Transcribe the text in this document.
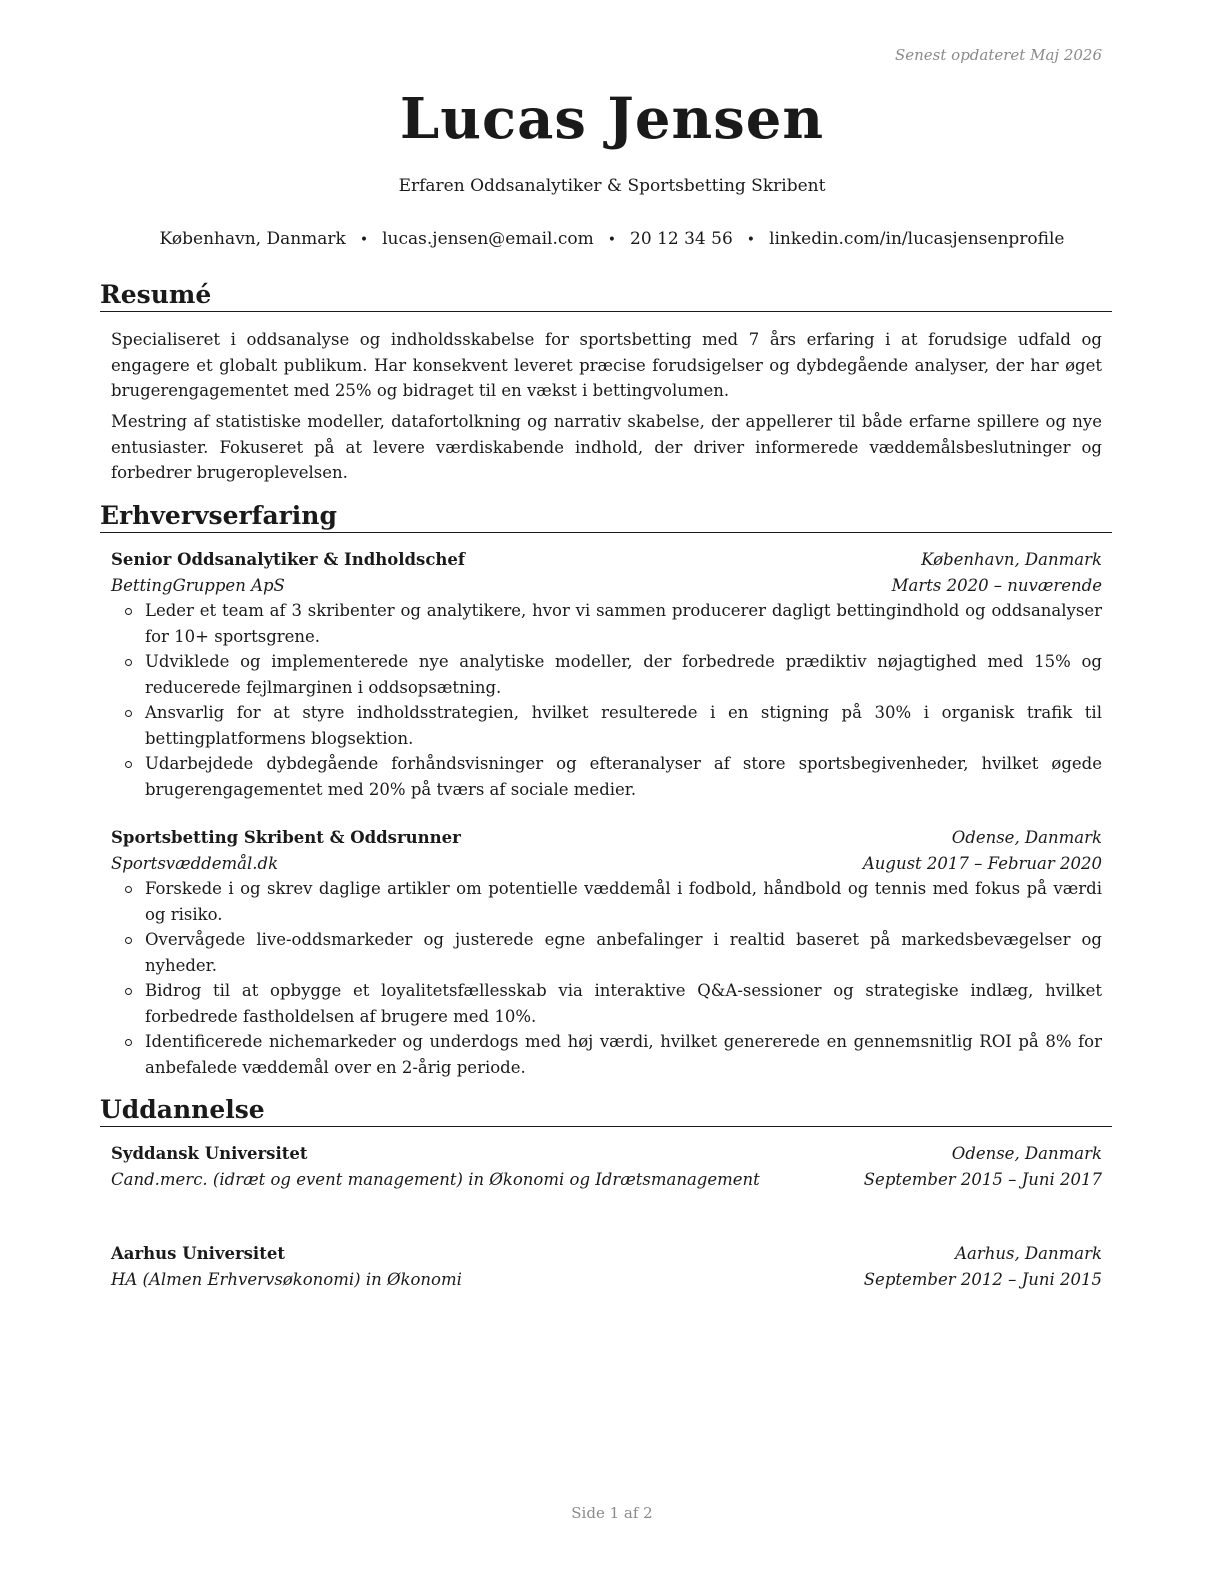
Senest opdateret Maj 2026
Lucas Jensen
Erfaren Oddsanalytiker & Sportsbetting Skribent
København, Danmark • lucas.jensen@email.com • 20 12 34 56 • linkedin.com/in/lucasjensenprofile
Resumé

Specialiseret i oddsanalyse og indholdsskabelse for sportsbetting med 7 års erfaring i at forudsige udfald og engagere et globalt publikum. Har konsekvent leveret præcise forudsigelser og dybdegående analyser, der har øget brugerengagementet med 25% og bidraget til en vækst i bettingvolumen.

Mestring af statistiske modeller, datafortolkning og narrativ skabelse, der appellerer til både erfarne spillere og nye entusiaster. Fokuseret på at levere værdiskabende indhold, der driver informerede væddemålsbeslutninger og forbedrer brugeroplevelsen.

Erhvervserfaring
Senior Oddsanalytiker & Indholdschef	København, Danmark
BettingGruppen ApS	Marts 2020 – nuværende
Leder et team af 3 skribenter og analytikere, hvor vi sammen producerer dagligt bettingindhold og oddsanalyser for 10+ sportsgrene.
Udviklede og implementerede nye analytiske modeller, der forbedrede prædiktiv nøjagtighed med 15% og reducerede fejlmarginen i oddsopsætning.
Ansvarlig for at styre indholdsstrategien, hvilket resulterede i en stigning på 30% i organisk trafik til bettingplatformens blogsektion.
Udarbejdede dybdegående forhåndsvisninger og efteranalyser af store sportsbegivenheder, hvilket øgede brugerengagementet med 20% på tværs af sociale medier.
Sportsbetting Skribent & Oddsrunner	Odense, Danmark
Sportsvæddemål.dk	August 2017 – Februar 2020
Forskede i og skrev daglige artikler om potentielle væddemål i fodbold, håndbold og tennis med fokus på værdi og risiko.
Overvågede live-oddsmarkeder og justerede egne anbefalinger i realtid baseret på markedsbevægelser og nyheder.
Bidrog til at opbygge et loyalitetsfællesskab via interaktive Q&A-sessioner og strategiske indlæg, hvilket forbedrede fastholdelsen af brugere med 10%.
Identificerede nichemarkeder og underdogs med høj værdi, hvilket genererede en gennemsnitlig ROI på 8% for anbefalede væddemål over en 2-årig periode.
Uddannelse
Syddansk Universitet	Odense, Danmark
Cand.merc. (idræt og event management) in Økonomi og Idrætsmanagement	September 2015 – Juni 2017
Aarhus Universitet	Aarhus, Danmark
HA (Almen Erhvervsøkonomi) in Økonomi	September 2012 – Juni 2015
Side 1 af 2
